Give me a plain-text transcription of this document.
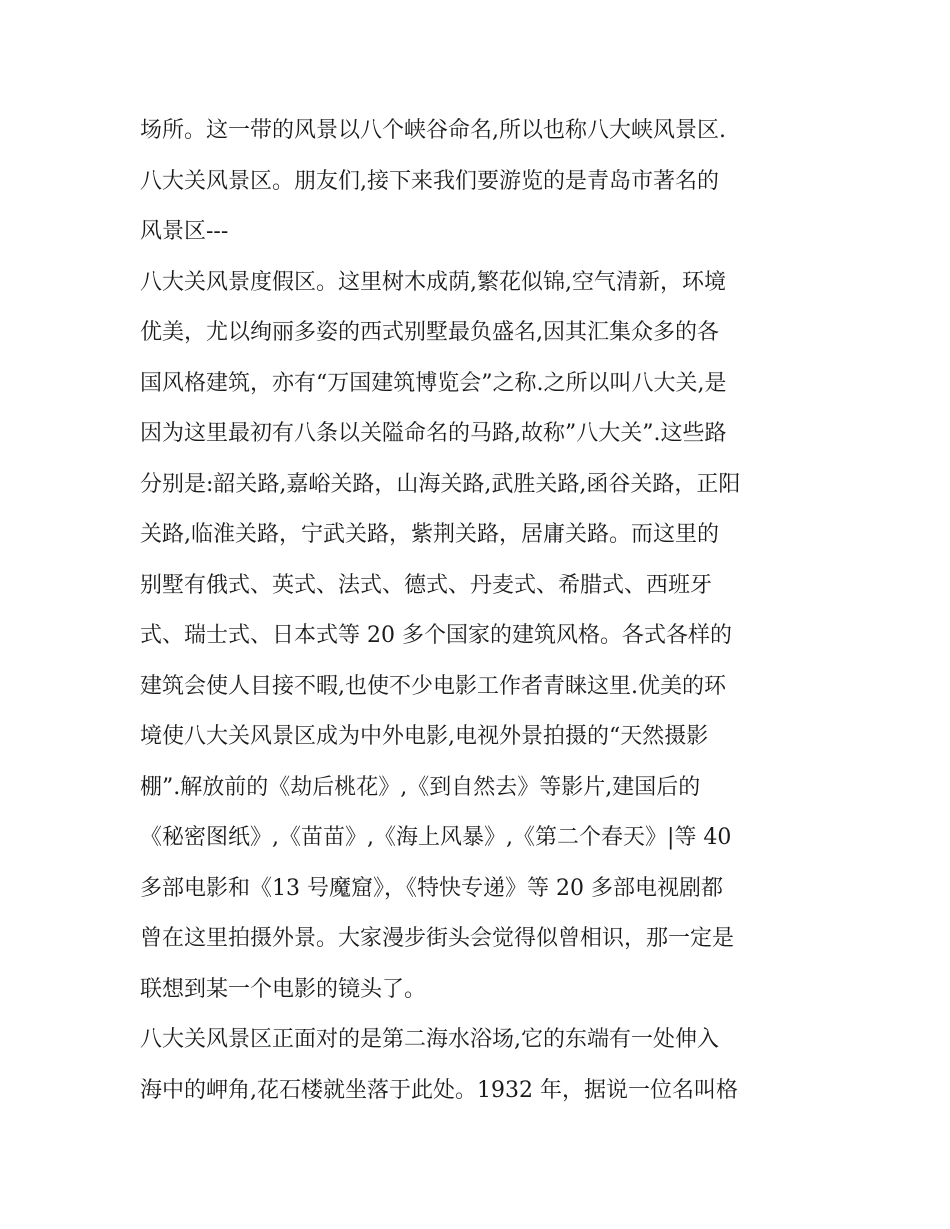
场所。这一带的风景以八个峡谷命名,所以也称八大峡风景区.
八大关风景区。朋友们,接下来我们要游览的是青岛市著名的
风景区---
八大关风景度假区。这里树木成荫,繁花似锦,空气清新，环境
优美，尤以绚丽多姿的西式别墅最负盛名,因其汇集众多的各
国风格建筑，亦有“万国建筑博览会”之称.之所以叫八大关,是
因为这里最初有八条以关隘命名的马路,故称”八大关”.这些路
分别是:韶关路,嘉峪关路，山海关路,武胜关路,函谷关路，正阳
关路,临淮关路，宁武关路，紫荆关路，居庸关路。而这里的
别墅有俄式、英式、法式、德式、丹麦式、希腊式、西班牙
式、瑞士式、日本式等 20 多个国家的建筑风格。各式各样的
建筑会使人目接不暇,也使不少电影工作者青睐这里.优美的环
境使八大关风景区成为中外电影,电视外景拍摄的“天然摄影
棚”.解放前的《劫后桃花》,《到自然去》等影片,建国后的
《秘密图纸》,《苗苗》,《海上风暴》,《第二个春天》|等 40
多部电影和《13 号魔窟》，《特快专递》等 20 多部电视剧都
曾在这里拍摄外景。大家漫步街头会觉得似曾相识，那一定是
联想到某一个电影的镜头了。
八大关风景区正面对的是第二海水浴场,它的东端有一处伸入
海中的岬角,花石楼就坐落于此处。1932 年，据说一位名叫格
